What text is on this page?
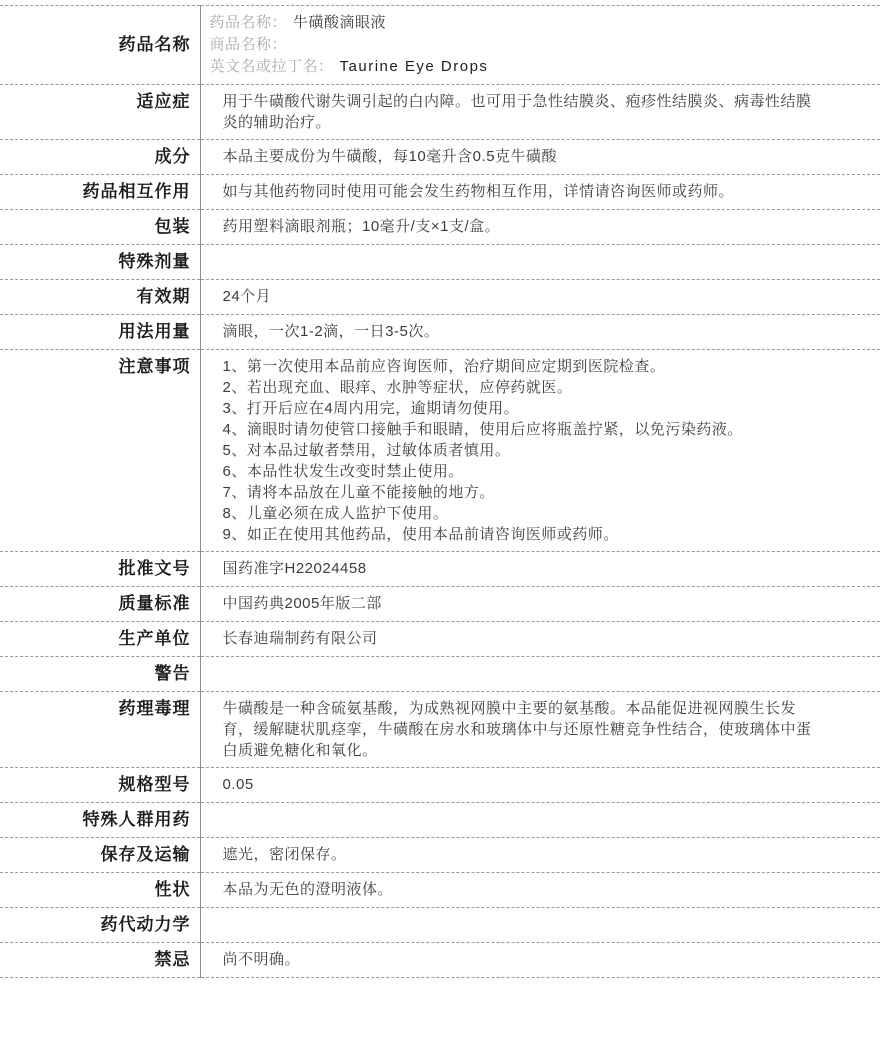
药品名称	药品名称： 牛磺酸滴眼液
商品名称：
英文名或拉丁名： Taurine Eye Drops

适应症	用于牛磺酸代谢失调引起的白内障。也可用于急性结膜炎、疱疹性结膜炎、病毒性结膜炎的辅助治疗。
成分	本品主要成份为牛磺酸，每10毫升含0.5克牛磺酸
药品相互作用	如与其他药物同时使用可能会发生药物相互作用，详情请咨询医师或药师。
包装	药用塑料滴眼剂瓶；10毫升/支×1支/盒。
特殊剂量	
有效期	24个月
用法用量	滴眼，一次1-2滴，一日3-5次。
注意事项	1、第一次使用本品前应咨询医师，治疗期间应定期到医院检查。
2、若出现充血、眼痒、水肿等症状，应停药就医。
3、打开后应在4周内用完，逾期请勿使用。
4、滴眼时请勿使管口接触手和眼睛，使用后应将瓶盖拧紧，以免污染药液。
5、对本品过敏者禁用，过敏体质者慎用。
6、本品性状发生改变时禁止使用。
7、请将本品放在儿童不能接触的地方。
8、儿童必须在成人监护下使用。
9、如正在使用其他药品，使用本品前请咨询医师或药师。

批准文号	国药准字H22024458
质量标准	中国药典2005年版二部
生产单位	长春迪瑞制药有限公司
警告	
药理毒理	牛磺酸是一种含硫氨基酸，为成熟视网膜中主要的氨基酸。本品能促进视网膜生长发育，缓解睫状肌痉挛，牛磺酸在房水和玻璃体中与还原性糖竞争性结合，使玻璃体中蛋白质避免糖化和氧化。
规格型号	0.05
特殊人群用药	
保存及运输	遮光，密闭保存。
性状	本品为无色的澄明液体。
药代动力学	
禁忌	尚不明确。
